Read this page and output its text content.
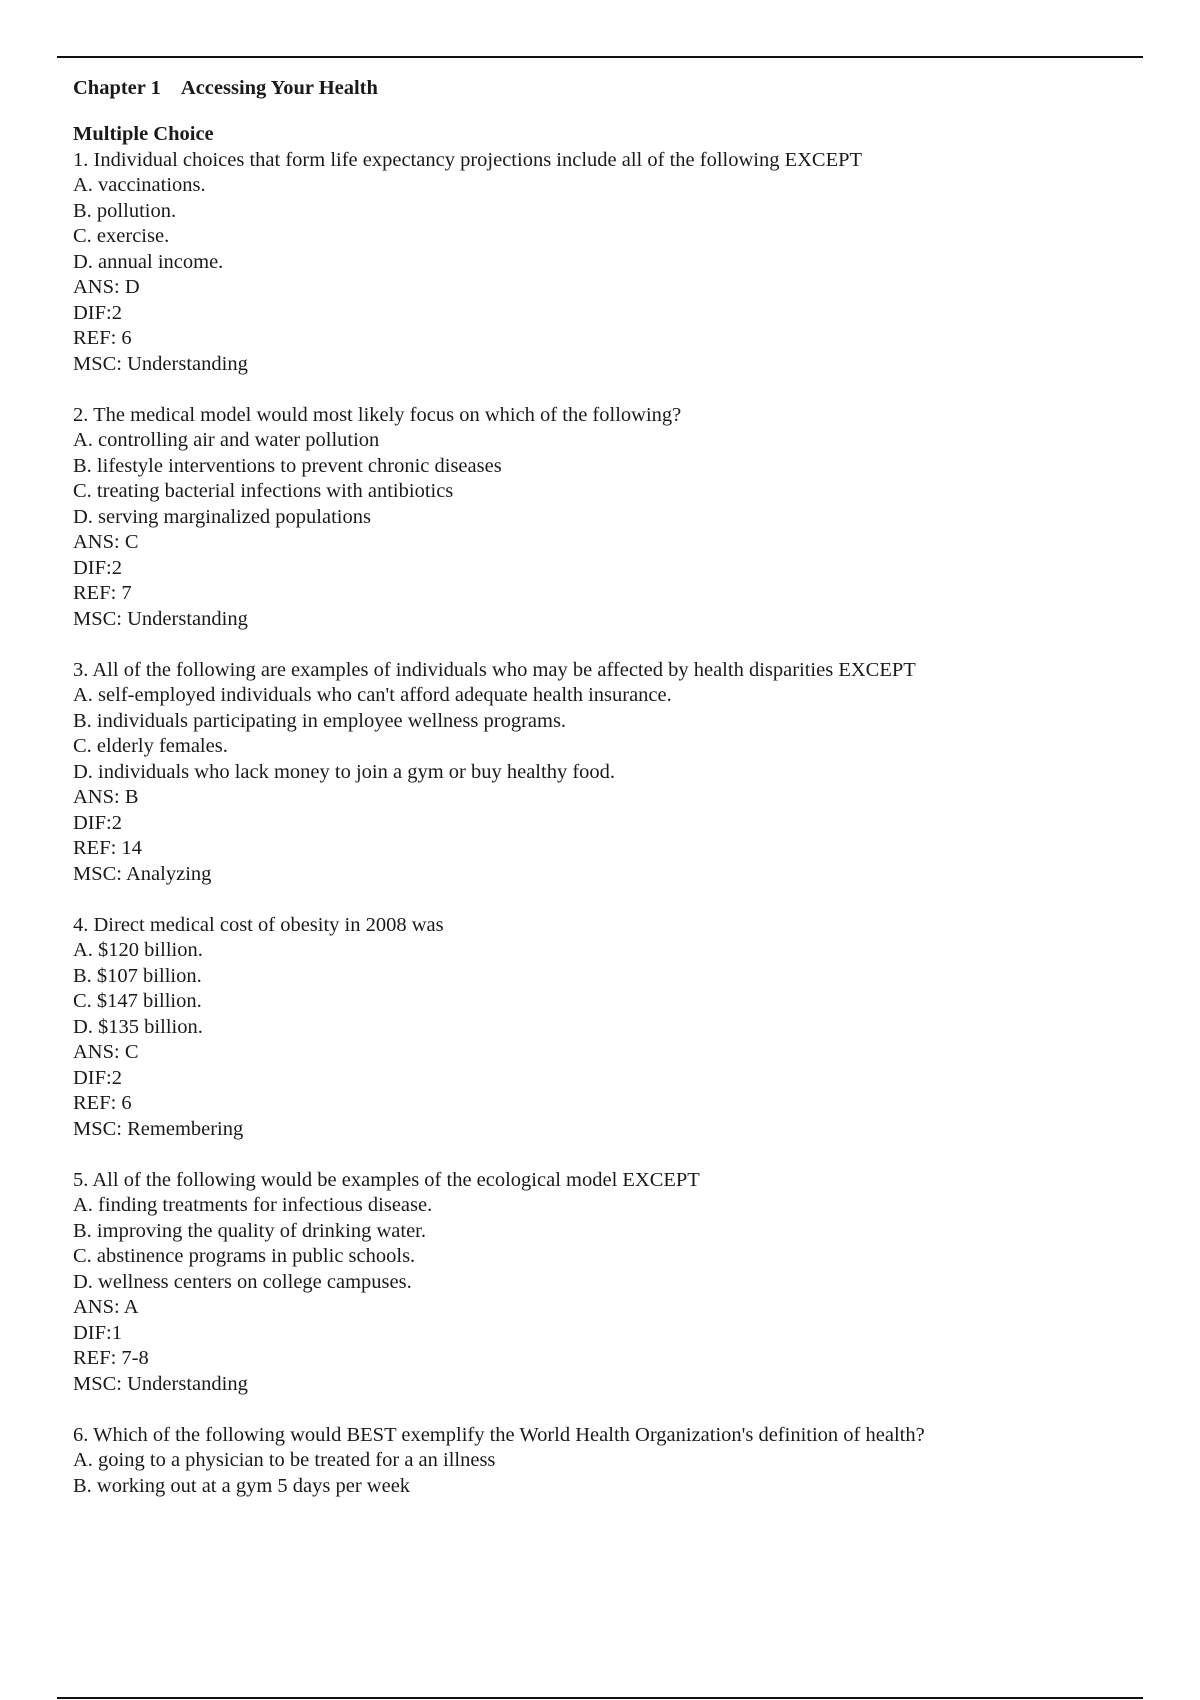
Chapter 1 Accessing Your Health
Multiple Choice
1. Individual choices that form life expectancy projections include all of the following EXCEPT
A. vaccinations.
B. pollution.
C. exercise.
D. annual income.
ANS: D
DIF:2
REF: 6
MSC: Understanding
2. The medical model would most likely focus on which of the following?
A. controlling air and water pollution
B. lifestyle interventions to prevent chronic diseases
C. treating bacterial infections with antibiotics
D. serving marginalized populations
ANS: C
DIF:2
REF: 7
MSC: Understanding
3. All of the following are examples of individuals who may be affected by health disparities EXCEPT
A. self-employed individuals who can't afford adequate health insurance.
B. individuals participating in employee wellness programs.
C. elderly females.
D. individuals who lack money to join a gym or buy healthy food.
ANS: B
DIF:2
REF: 14
MSC: Analyzing
4. Direct medical cost of obesity in 2008 was
A. $120 billion.
B. $107 billion.
C. $147 billion.
D. $135 billion.
ANS: C
DIF:2
REF: 6
MSC: Remembering
5. All of the following would be examples of the ecological model EXCEPT
A. finding treatments for infectious disease.
B. improving the quality of drinking water.
C. abstinence programs in public schools.
D. wellness centers on college campuses.
ANS: A
DIF:1
REF: 7-8
MSC: Understanding
6. Which of the following would BEST exemplify the World Health Organization's definition of health?
A. going to a physician to be treated for a an illness
B. working out at a gym 5 days per week
